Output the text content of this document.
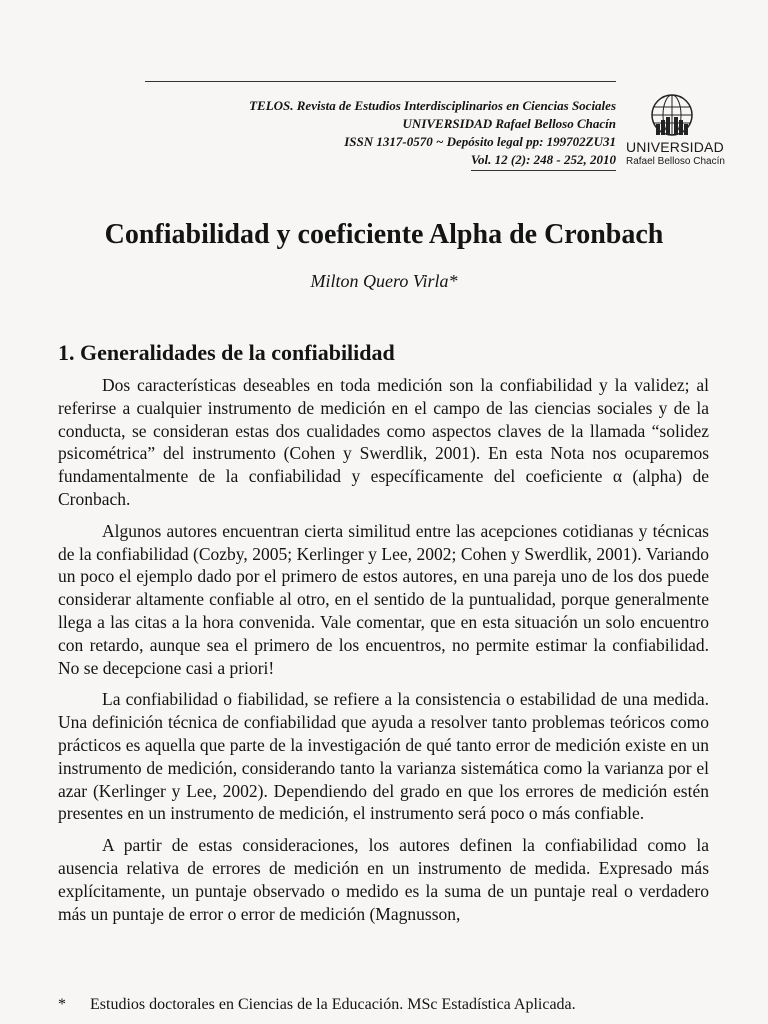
TELOS. Revista de Estudios Interdisciplinarios en Ciencias Sociales
UNIVERSIDAD Rafael Belloso Chacín
ISSN 1317-0570 ~ Depósito legal pp: 199702ZU31
Vol. 12 (2): 248 - 252, 2010
UNIVERSIDAD
Rafael Belloso Chacín
Confiabilidad y coeficiente Alpha de Cronbach
Milton Quero Virla*
1. Generalidades de la confiabilidad

Dos características deseables en toda medición son la confiabilidad y la validez; al referirse a cualquier instrumento de medición en el campo de las ciencias sociales y de la conducta, se consideran estas dos cualidades como aspectos claves de la llamada “solidez psicométrica” del instrumento (Cohen y Swerdlik, 2001). En esta Nota nos ocuparemos fundamentalmente de la confiabilidad y específicamente del coeficiente α (alpha) de Cronbach.

Algunos autores encuentran cierta similitud entre las acepciones cotidianas y técnicas de la confiabilidad (Cozby, 2005; Kerlinger y Lee, 2002; Cohen y Swerdlik, 2001). Variando un poco el ejemplo dado por el primero de estos autores, en una pareja uno de los dos puede considerar altamente confiable al otro, en el sentido de la puntualidad, porque generalmente llega a las citas a la hora convenida. Vale comentar, que en esta situación un solo encuentro con retardo, aunque sea el primero de los encuentros, no permite estimar la confiabilidad. No se decepcione casi a priori!

La confiabilidad o fiabilidad, se refiere a la consistencia o estabilidad de una medida. Una definición técnica de confiabilidad que ayuda a resolver tanto problemas teóricos como prácticos es aquella que parte de la investigación de qué tanto error de medición existe en un instrumento de medición, considerando tanto la varianza sistemática como la varianza por el azar (Kerlinger y Lee, 2002). Dependiendo del grado en que los errores de medición estén presentes en un instrumento de medición, el instrumento será poco o más confiable.

A partir de estas consideraciones, los autores definen la confiabilidad como la ausencia relativa de errores de medición en un instrumento de medida. Expresado más explícitamente, un puntaje observado o medido es la suma de un puntaje real o verdadero más un puntaje de error o error de medición (Magnusson,

* Estudios doctorales en Ciencias de la Educación. MSc Estadística Aplicada.
